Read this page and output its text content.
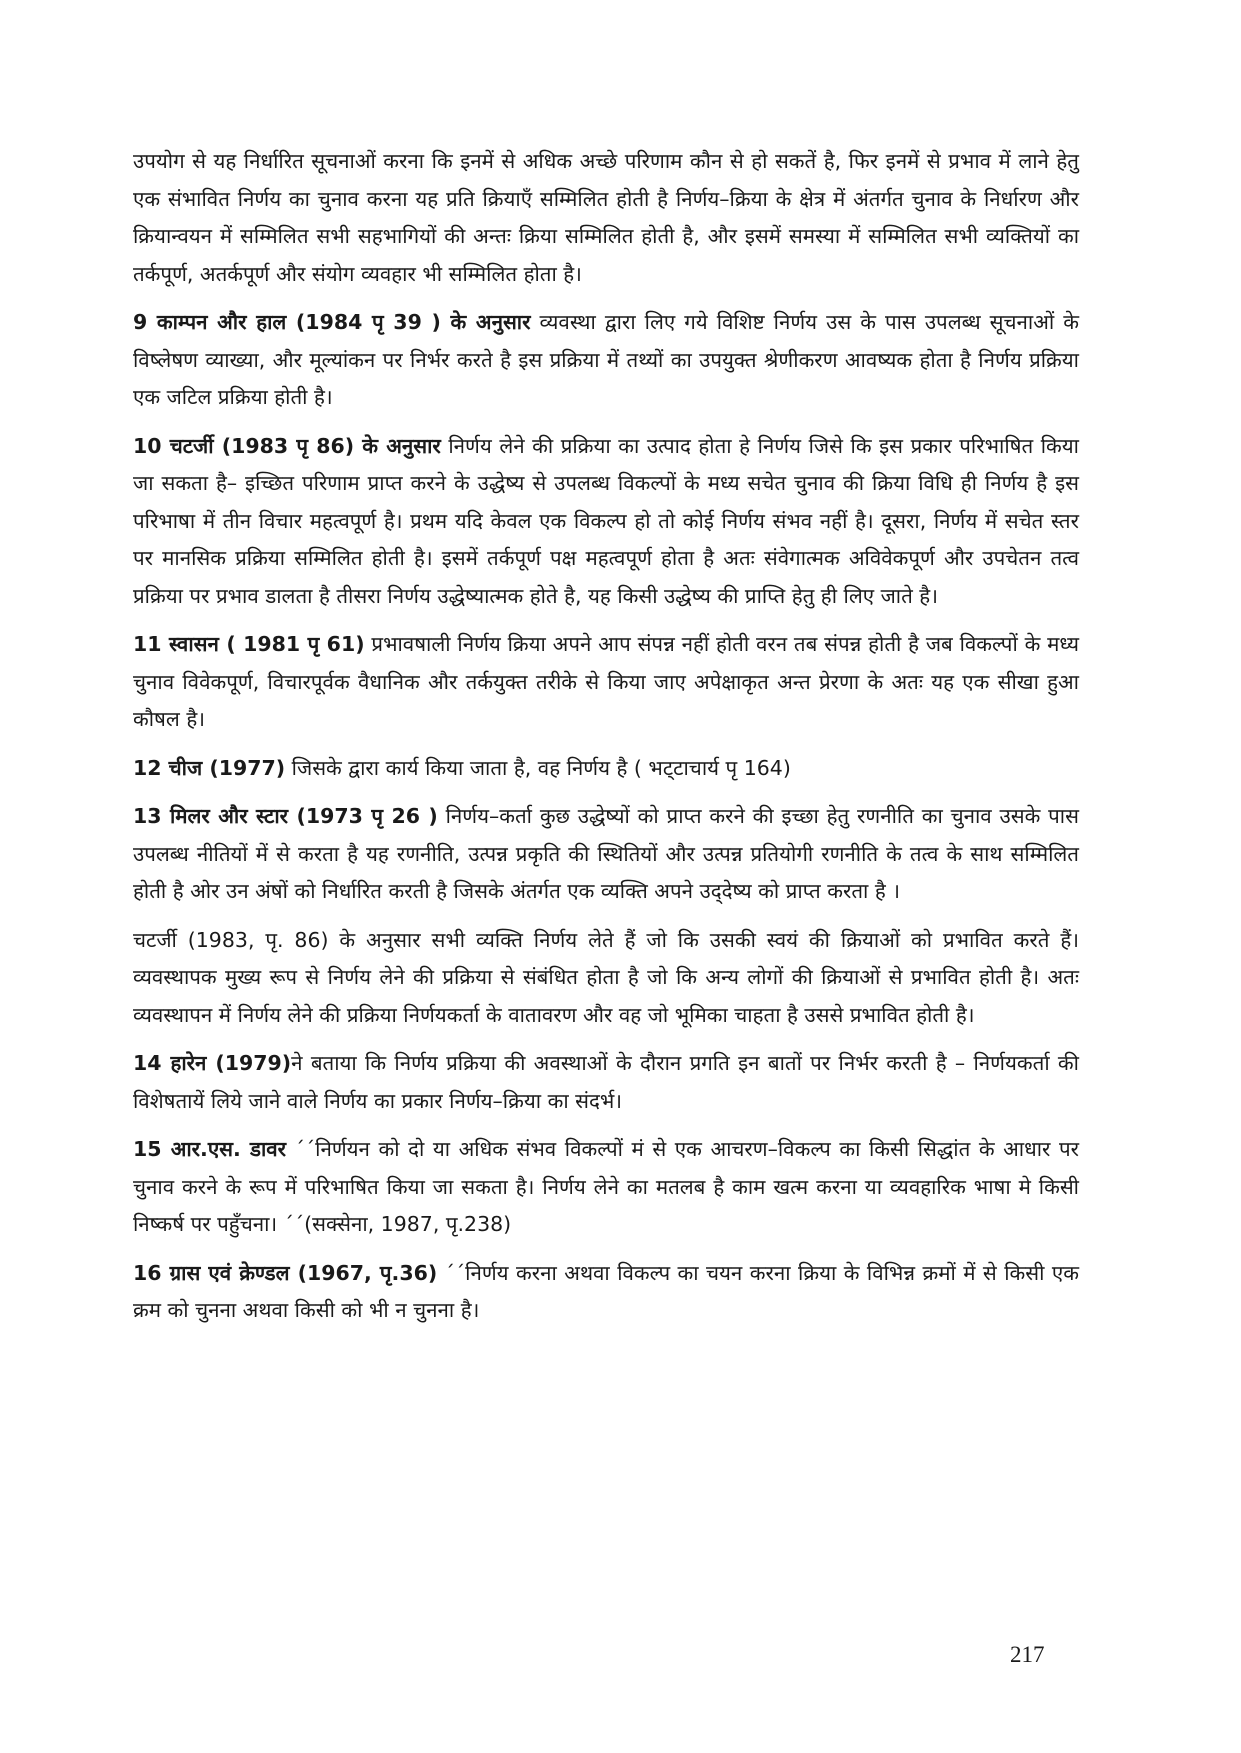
उपयोग से यह निर्धारित सूचनाओं करना कि इनमें से अधिक अच्छे परिणाम कौन से हो सकतें है, फिर इनमें से प्रभाव में लाने हेतु एक संभावित निर्णय का चुनाव करना यह प्रति क्रियाएँ सम्मिलित होती है निर्णय–क्रिया के क्षेत्र में अंतर्गत चुनाव के निर्धारण और क्रियान्वयन में सम्मिलित सभी सहभागियों की अन्तः क्रिया सम्मिलित होती है, और इसमें समस्या में सम्मिलित सभी व्यक्तियों का तर्कपूर्ण, अतर्कपूर्ण और संयोग व्यवहार भी सम्मिलित होता है।

9 काम्पन और हाल (1984 पृ 39 ) के अनुसार व्यवस्था द्वारा लिए गये विशिष्ट निर्णय उस के पास उपलब्ध सूचनाओं के विष्लेषण व्याख्या, और मूल्यांकन पर निर्भर करते है इस प्रक्रिया में तथ्यों का उपयुक्त श्रेणीकरण आवष्यक होता है निर्णय प्रक्रिया एक जटिल प्रक्रिया होती है।

10 चटर्जी (1983 पृ 86) के अनुसार निर्णय लेने की प्रक्रिया का उत्पाद होता हे निर्णय जिसे कि इस प्रकार परिभाषित किया जा सकता है– इच्छित परिणाम प्राप्त करने के उद्धेष्य से उपलब्ध विकल्पों के मध्य सचेत चुनाव की क्रिया विधि ही निर्णय है इस परिभाषा में तीन विचार महत्वपूर्ण है। प्रथम यदि केवल एक विकल्प हो तो कोई निर्णय संभव नहीं है। दूसरा, निर्णय में सचेत स्तर पर मानसिक प्रक्रिया सम्मिलित होती है। इसमें तर्कपूर्ण पक्ष महत्वपूर्ण होता है अतः संवेगात्मक अविवेकपूर्ण और उपचेतन तत्व प्रक्रिया पर प्रभाव डालता है तीसरा निर्णय उद्धेष्यात्मक होते है, यह किसी उद्धेष्य की प्राप्ति हेतु ही लिए जाते है।

11 स्वासन ( 1981 पृ 61) प्रभावषाली निर्णय क्रिया अपने आप संपन्न नहीं होती वरन तब संपन्न होती है जब विकल्पों के मध्य चुनाव विवेकपूर्ण, विचारपूर्वक वैधानिक और तर्कयुक्त तरीके से किया जाए अपेक्षाकृत अन्त प्रेरणा के अतः यह एक सीखा हुआ कौषल है।

12 चीज (1977) जिसके द्वारा कार्य किया जाता है, वह निर्णय है ( भट्‌टाचार्य पृ 164)

13 मिलर और स्टार (1973 पृ 26 ) निर्णय–कर्ता कुछ उद्धेष्यों को प्राप्त करने की इच्छा हेतु रणनीति का चुनाव उसके पास उपलब्ध नीतियों में से करता है यह रणनीति, उत्पन्न प्रकृति की स्थितियों और उत्पन्न प्रतियोगी रणनीति के तत्व के साथ सम्मिलित होती है ओर उन अंषों को निर्धारित करती है जिसके अंतर्गत एक व्यक्ति अपने उद्‌देष्य को प्राप्त करता है ।

चटर्जी (1983, पृ. 86) के अनुसार सभी व्यक्ति निर्णय लेते हैं जो कि उसकी स्वयं की क्रियाओं को प्रभावित करते हैं। व्यवस्थापक मुख्य रूप से निर्णय लेने की प्रक्रिया से संबंधित होता है जो कि अन्य लोगों की क्रियाओं से प्रभावित होती है। अतः व्यवस्थापन में निर्णय लेने की प्रक्रिया निर्णयकर्ता के वातावरण और वह जो भूमिका चाहता है उससे प्रभावित होती है।

14 हारेन (1979)ने बताया कि निर्णय प्रक्रिया की अवस्थाओं के दौरान प्रगति इन बातों पर निर्भर करती है – निर्णयकर्ता की विशेषतायें लिये जाने वाले निर्णय का प्रकार निर्णय–क्रिया का संदर्भ।

15 आर.एस. डावर ´´निर्णयन को दो या अधिक संभव विकल्पों मं से एक आचरण–विकल्प का किसी सिद्धांत के आधार पर चुनाव करने के रूप में परिभाषित किया जा सकता है। निर्णय लेने का मतलब है काम खत्म करना या व्यवहारिक भाषा मे किसी निष्कर्ष पर पहुँचना। ´´(सक्सेना, 1987, पृ.238)

16 ग्रास एवं क्रेण्डल (1967, पृ.36) ´´निर्णय करना अथवा विकल्प का चयन करना क्रिया के विभिन्न क्रमों में से किसी एक क्रम को चुनना अथवा किसी को भी न चुनना है।

217
